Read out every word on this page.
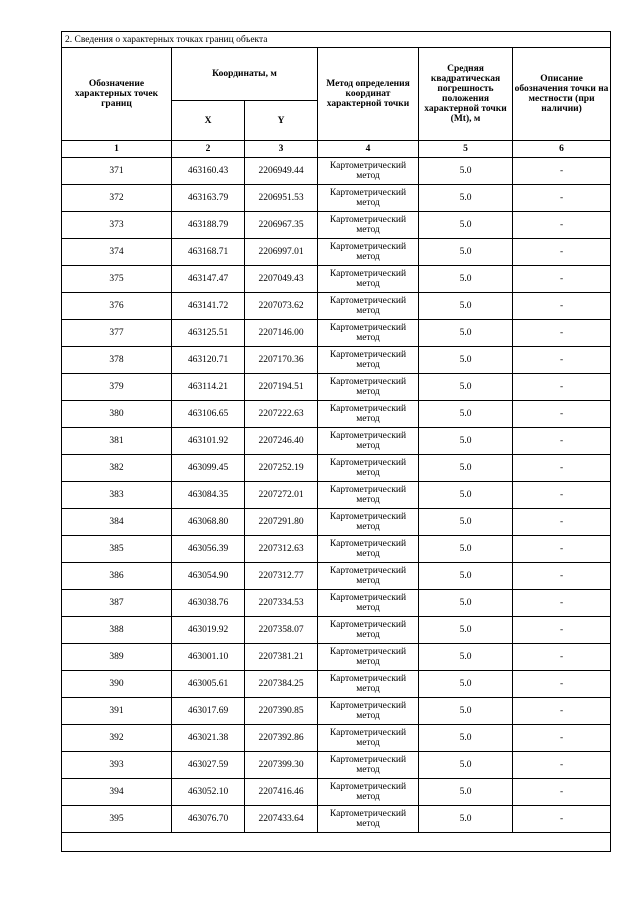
2. Сведения о характерных точках границ объекта					
Обозначение характерных точек границ	Координаты, м		Метод определения координат характерной точки	Средняя квадратическая погрешность положения характерной точки (Mt), м	Описание обозначения точки на местности (при наличии)
	X	Y			
1	2	3	4	5	6
371	463160.43	2206949.44	Картометрический метод	5.0	-
372	463163.79	2206951.53	Картометрический метод	5.0	-
373	463188.79	2206967.35	Картометрический метод	5.0	-
374	463168.71	2206997.01	Картометрический метод	5.0	-
375	463147.47	2207049.43	Картометрический метод	5.0	-
376	463141.72	2207073.62	Картометрический метод	5.0	-
377	463125.51	2207146.00	Картометрический метод	5.0	-
378	463120.71	2207170.36	Картометрический метод	5.0	-
379	463114.21	2207194.51	Картометрический метод	5.0	-
380	463106.65	2207222.63	Картометрический метод	5.0	-
381	463101.92	2207246.40	Картометрический метод	5.0	-
382	463099.45	2207252.19	Картометрический метод	5.0	-
383	463084.35	2207272.01	Картометрический метод	5.0	-
384	463068.80	2207291.80	Картометрический метод	5.0	-
385	463056.39	2207312.63	Картометрический метод	5.0	-
386	463054.90	2207312.77	Картометрический метод	5.0	-
387	463038.76	2207334.53	Картометрический метод	5.0	-
388	463019.92	2207358.07	Картометрический метод	5.0	-
389	463001.10	2207381.21	Картометрический метод	5.0	-
390	463005.61	2207384.25	Картометрический метод	5.0	-
391	463017.69	2207390.85	Картометрический метод	5.0	-
392	463021.38	2207392.86	Картометрический метод	5.0	-
393	463027.59	2207399.30	Картометрический метод	5.0	-
394	463052.10	2207416.46	Картометрический метод	5.0	-
395	463076.70	2207433.64	Картометрический метод	5.0	-
